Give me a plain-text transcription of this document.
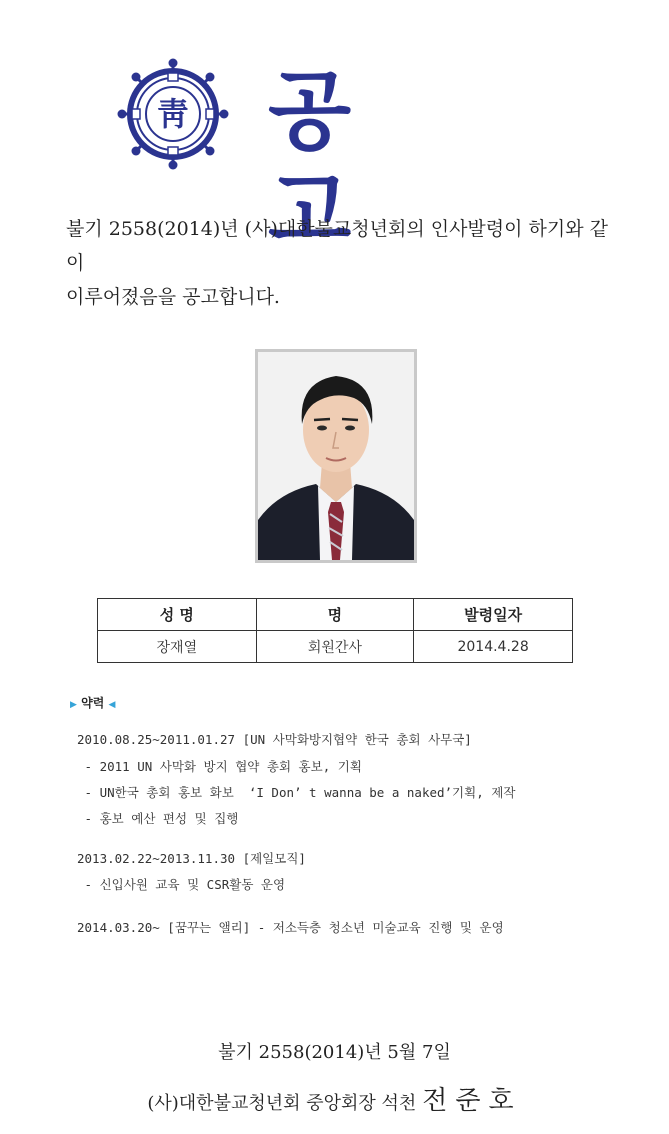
靑 공고
불기 2558(2014)년 (사)대한불교청년회의 인사발령이 하기와 같이
이루어졌음을 공고합니다.
성 명	명	발령일자
장재열	회원간사	2014.4.28
▶ 약력 ◀
2010.08.25~2011.01.27 [UN 사막화방지협약 한국 총회 사무국]
- 2011 UN 사막화 방지 협약 총회 홍보, 기획
- UN한국 총회 홍보 화보  ‘I Don’ t wanna be a naked’기획, 제작
- 홍보 예산 편성 및 집행
2013.02.22~2013.11.30 [제일모직]
- 신입사원 교육 및 CSR활동 운영
2014.03.20~ [꿈꾸는 앨리] - 저소득층 청소년 미술교육 진행 및 운영
불기 2558(2014)년 5월 7일
(사)대한불교청년회 중앙회장 석천 전준호
